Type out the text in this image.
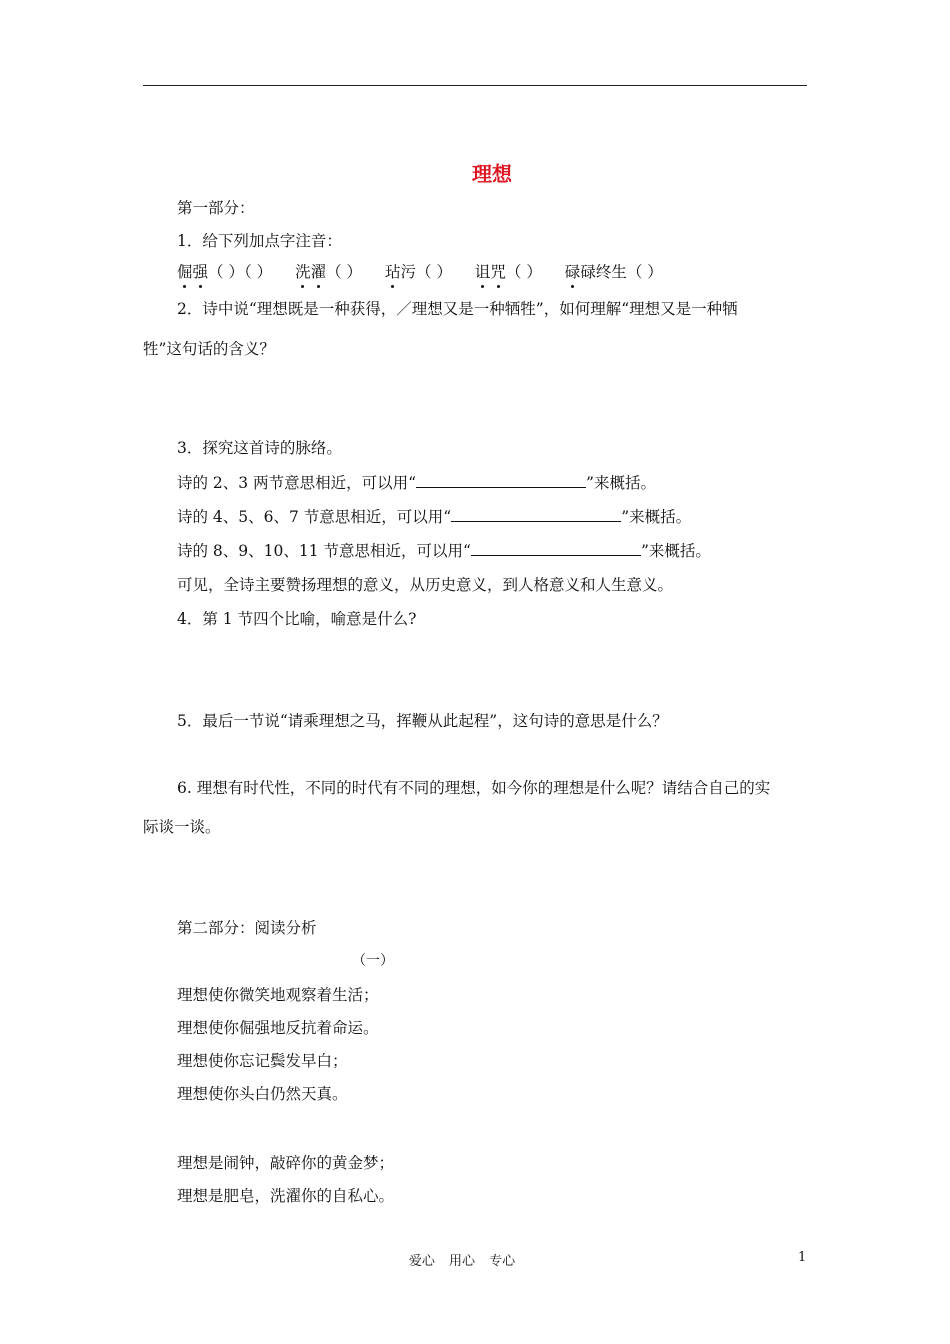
理想
第一部分：
1．给下列加点字注音：
倔强（ ）（ ） 洗濯（ ） 玷污（ ） 诅咒（ ） 碌碌终生（ ）
2．诗中说“理想既是一种获得，／理想又是一种牺牲”，如何理解“理想又是一种牺
牲”这句话的含义？
3．探究这首诗的脉络。
诗的 2、3 两节意思相近，可以用“	”来概括。
诗的 4、5、6、7 节意思相近，可以用“	”来概括。
诗的 8、9、10、11 节意思相近，可以用“	”来概括。
可见，全诗主要赞扬理想的意义，从历史意义，到人格意义和人生意义。
4．第 1 节四个比喻，喻意是什么?
5．最后一节说“请乘理想之马，挥鞭从此起程”，这句诗的意思是什么？
6. 理想有时代性，不同的时代有不同的理想，如今你的理想是什么呢？请结合自己的实
际谈一谈。
第二部分：阅读分析
（一）
理想使你微笑地观察着生活；
理想使你倔强地反抗着命运。
理想使你忘记鬓发早白；
理想使你头白仍然天真。
理想是闹钟，敲碎你的黄金梦；
理想是肥皂，洗濯你的自私心。
爱心 用心 专心	1
